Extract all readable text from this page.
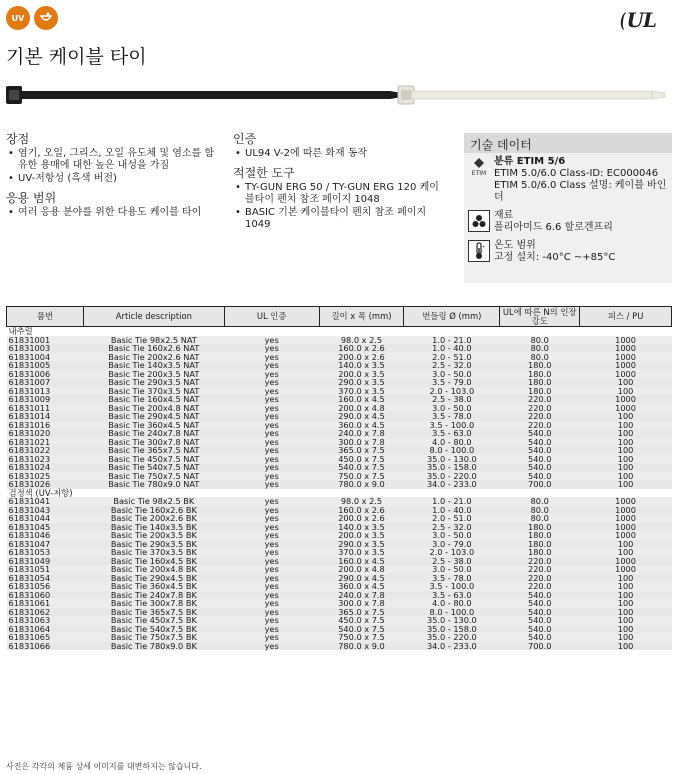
UV	(UL
기본 케이블 타이
장점
• 염기, 오일, 그리스, 오일 유도체 및 염소를 함유한 용매에 대한 높은 내성을 가짐
• UV-저항성 (흑색 버전)
응용 범위
• 여러 응용 분야를 위한 다용도 케이블 타이
인증
• UL94 V-2에 따른 화재 동작
적절한 도구
• TY-GUN ERG 50 / TY-GUN ERG 120 케이블타이 펜치 참조 페이지 1048
• BASIC 기본 케이블타이 펜치 참조 페이지 1049
기술 데이터
ETIM
분류 ETIM 5/6
ETIM 5.0/6.0 Class-ID: EC000046
ETIM 5.0/6.0 Class 설명: 케이블 바인더
재료
폴리아미드 6.6 할로겐프리
+
-
온도 범위
고정 설치: -40°C ~+85°C
품번	Article description	UL 인증	길이 x 폭 (mm)	번들링 Ø (mm)	UL에 따른 N의 인장 강도	피스 / PU
내추럴						
61831001	Basic Tie 98x2.5 NAT	yes	98.0 x 2.5	1.0 - 21.0	80.0	1000
61831003	Basic Tie 160x2.6 NAT	yes	160.0 x 2.6	1.0 - 40.0	80.0	1000
61831004	Basic Tie 200x2.6 NAT	yes	200.0 x 2.6	2.0 - 51.0	80.0	1000
61831005	Basic Tie 140x3.5 NAT	yes	140.0 x 3.5	2.5 - 32.0	180.0	1000
61831006	Basic Tie 200x3.5 NAT	yes	200.0 x 3.5	3.0 - 50.0	180.0	1000
61831007	Basic Tie 290x3.5 NAT	yes	290.0 x 3.5	3.5 - 79.0	180.0	100
61831013	Basic Tie 370x3.5 NAT	yes	370.0 x 3.5	2.0 - 103.0	180.0	100
61831009	Basic Tie 160x4.5 NAT	yes	160.0 x 4.5	2.5 - 38.0	220.0	1000
61831011	Basic Tie 200x4.8 NAT	yes	200.0 x 4.8	3.0 - 50.0	220.0	1000
61831014	Basic Tie 290x4.5 NAT	yes	290.0 x 4.5	3.5 - 78.0	220.0	100
61831016	Basic Tie 360x4.5 NAT	yes	360.0 x 4.5	3.5 - 100.0	220.0	100
61831020	Basic Tie 240x7.8 NAT	yes	240.0 x 7.8	3.5 - 63.0	540.0	100
61831021	Basic Tie 300x7.8 NAT	yes	300.0 x 7.8	4.0 - 80.0	540.0	100
61831022	Basic Tie 365x7.5 NAT	yes	365.0 x 7.5	8.0 - 100.0	540.0	100
61831023	Basic Tie 450x7.5 NAT	yes	450.0 x 7.5	35.0 - 130.0	540.0	100
61831024	Basic Tie 540x7.5 NAT	yes	540.0 x 7.5	35.0 - 158.0	540.0	100
61831025	Basic Tie 750x7.5 NAT	yes	750.0 x 7.5	35.0 - 220.0	540.0	100
61831026	Basic Tie 780x9.0 NAT	yes	780.0 x 9.0	34.0 - 233.0	700.0	100
검정색 (UV-저항)						
61831041	Basic Tie 98x2.5 BK	yes	98.0 x 2.5	1.0 - 21.0	80.0	1000
61831043	Basic Tie 160x2.6 BK	yes	160.0 x 2.6	1.0 - 40.0	80.0	1000
61831044	Basic Tie 200x2.6 BK	yes	200.0 x 2.6	2.0 - 51.0	80.0	1000
61831045	Basic Tie 140x3.5 BK	yes	140.0 x 3.5	2.5 - 32.0	180.0	1000
61831046	Basic Tie 200x3.5 BK	yes	200.0 x 3.5	3.0 - 50.0	180.0	1000
61831047	Basic Tie 290x3.5 BK	yes	290.0 x 3.5	3.0 - 79.0	180.0	100
61831053	Basic Tie 370x3.5 BK	yes	370.0 x 3.5	2.0 - 103.0	180.0	100
61831049	Basic Tie 160x4.5 BK	yes	160.0 x 4.5	2.5 - 38.0	220.0	1000
61831051	Basic Tie 200x4.8 BK	yes	200.0 x 4.8	3.0 - 50.0	220.0	1000
61831054	Basic Tie 290x4.5 BK	yes	290.0 x 4.5	3.5 - 78.0	220.0	100
61831056	Basic Tie 360x4.5 BK	yes	360.0 x 4.5	3.5 - 100.0	220.0	100
61831060	Basic Tie 240x7.8 BK	yes	240.0 x 7.8	3.5 - 63.0	540.0	100
61831061	Basic Tie 300x7.8 BK	yes	300.0 x 7.8	4.0 - 80.0	540.0	100
61831062	Basic Tie 365x7.5 BK	yes	365.0 x 7.5	8.0 - 100.0	540.0	100
61831063	Basic Tie 450x7.5 BK	yes	450.0 x 7.5	35.0 - 130.0	540.0	100
61831064	Basic Tie 540x7.5 BK	yes	540.0 x 7.5	35.0 - 158.0	540.0	100
61831065	Basic Tie 750x7.5 BK	yes	750.0 x 7.5	35.0 - 220.0	540.0	100
61831066	Basic Tie 780x9.0 BK	yes	780.0 x 9.0	34.0 - 233.0	700.0	100
사진은 각각의 제품 상세 이미지를 대변하지는 않습니다.
